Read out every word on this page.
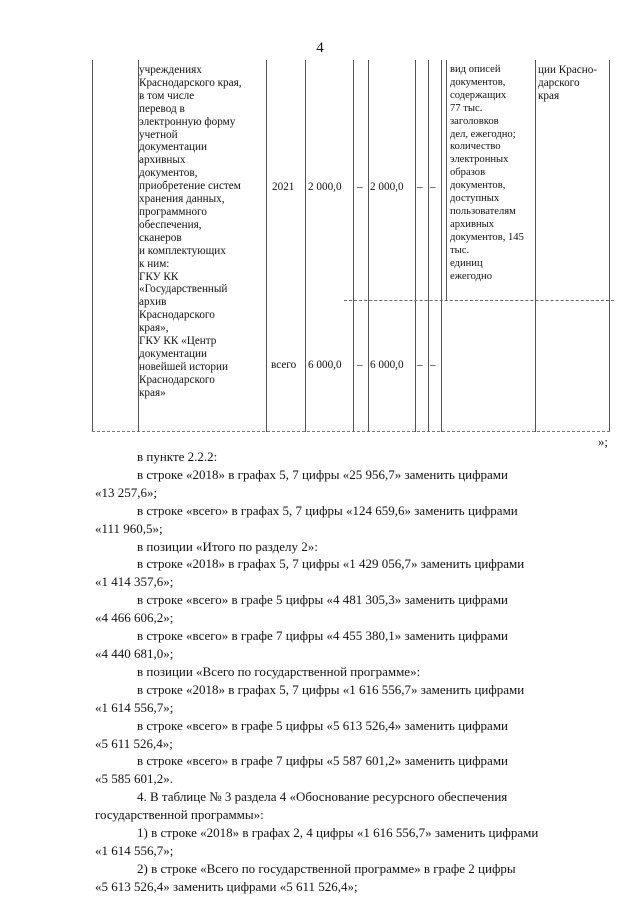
4
учреждениях
Краснодарского края,
в том числе
перевод в
электронную форму
учетной
документации
архивных
документов,
приобретение систем
хранения данных,
программного
обеспечения,
сканеров
и комплектующих
к ним:
ГКУ КК
«Государственный
архив
Краснодарского
края»,
ГКУ КК «Центр
документации
новейшей истории
Краснодарского
края»
2021 2 000,0 – 2 000,0 – –
всего 6 000,0 – 6 000,0 – –
вид описей
документов,
содержащих
77 тыс.
заголовков
дел, ежегодно;
количество
электронных
образов
документов,
доступных
пользователям
архивных
документов, 145 тыс.
единиц
ежегодно
ции Красно-
дарского
края
»;

в пункте 2.2.2:

в строке «2018» в графах 5, 7 цифры «25 956,7» заменить цифрами

«13 257,6»;

в строке «всего» в графах 5, 7 цифры «124 659,6» заменить цифрами

«111 960,5»;

в позиции «Итого по разделу 2»:

в строке «2018» в графах 5, 7 цифры «1 429 056,7» заменить цифрами

«1 414 357,6»;

в строке «всего» в графе 5 цифры «4 481 305,3» заменить цифрами

«4 466 606,2»;

в строке «всего» в графе 7 цифры «4 455 380,1» заменить цифрами

«4 440 681,0»;

в позиции «Всего по государственной программе»:

в строке «2018» в графах 5, 7 цифры «1 616 556,7» заменить цифрами

«1 614 556,7»;

в строке «всего» в графе 5 цифры «5 613 526,4» заменить цифрами

«5 611 526,4»;

в строке «всего» в графе 7 цифры «5 587 601,2» заменить цифрами

«5 585 601,2».

4. В таблице № 3 раздела 4 «Обоснование ресурсного обеспечения

государственной программы»:

1) в строке «2018» в графах 2, 4 цифры «1 616 556,7» заменить цифрами

«1 614 556,7»;

2) в строке «Всего по государственной программе» в графе 2 цифры

«5 613 526,4» заменить цифрами «5 611 526,4»;
